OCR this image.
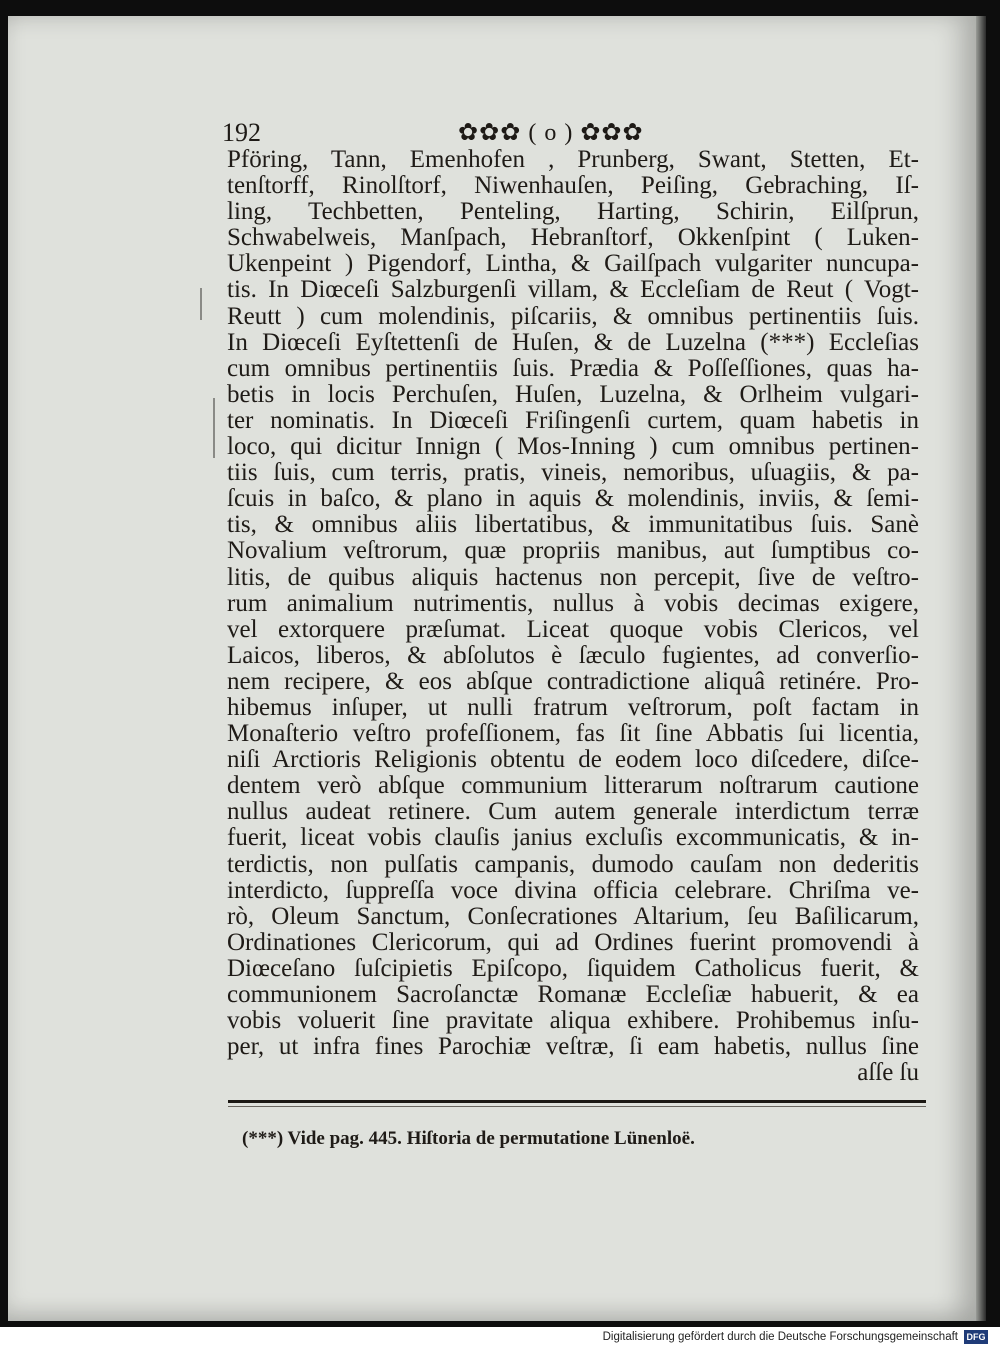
192	✿✿✿ ( o ) ✿✿✿
Pföring, Tann, Emenhofen , Prunberg, Swant, Stetten, Et-
tenſtorff, Rinolſtorf, Niwenhauſen, Peiſing, Gebraching, Iſ-
ling, Techbetten, Penteling, Harting, Schirin, Eilſprun,
Schwabelweis, Manſpach, Hebranſtorf, Okkenſpint ( Luken-
Ukenpeint ) Pigendorf, Lintha, & Gailſpach vulgariter nuncupa-
tis. In Diœceſi Salzburgenſi villam, & Eccleſiam de Reut ( Vogt-
Reutt ) cum molendinis, piſcariis, & omnibus pertinentiis ſuis.
In Diœceſi Eyſtettenſi de Huſen, & de Luzelna (***) Eccleſias
cum omnibus pertinentiis ſuis. Prædia & Poſſeſſiones, quas ha-
betis in locis Perchuſen, Huſen, Luzelna, & Orlheim vulgari-
ter nominatis. In Diœceſi Friſingenſi curtem, quam habetis in
loco, qui dicitur Innign ( Mos-Inning ) cum omnibus pertinen-
tiis ſuis, cum terris, pratis, vineis, nemoribus, uſuagiis, & pa-
ſcuis in baſco, & plano in aquis & molendinis, inviis, & ſemi-
tis, & omnibus aliis libertatibus, & immunitatibus ſuis. Sanè
Novalium veſtrorum, quæ propriis manibus, aut ſumptibus co-
litis, de quibus aliquis hactenus non percepit, ſive de veſtro-
rum animalium nutrimentis, nullus à vobis decimas exigere,
vel extorquere præſumat. Liceat quoque vobis Clericos, vel
Laicos, liberos, & abſolutos è ſæculo fugientes, ad converſio-
nem recipere, & eos abſque contradictione aliquâ retinére. Pro-
hibemus inſuper, ut nulli fratrum veſtrorum, poſt factam in
Monaſterio veſtro profeſſionem, fas ſit ſine Abbatis ſui licentia,
niſi Arctioris Religionis obtentu de eodem loco diſcedere, diſce-
dentem verò abſque communium litterarum noſtrarum cautione
nullus audeat retinere. Cum autem generale interdictum terræ
fuerit, liceat vobis clauſis janius excluſis excommunicatis, & in-
terdictis, non pulſatis campanis, dumodo cauſam non dederitis
interdicto, ſuppreſſa voce divina officia celebrare. Chriſma ve-
rò, Oleum Sanctum, Conſecrationes Altarium, ſeu Baſilicarum,
Ordinationes Clericorum, qui ad Ordines fuerint promovendi à
Diœceſano ſuſcipietis Epiſcopo, ſiquidem Catholicus fuerit, &
communionem Sacroſanctæ Romanæ Eccleſiæ habuerit, & ea
vobis voluerit ſine pravitate aliqua exhibere. Prohibemus inſu-
per, ut infra fines Parochiæ veſtræ, ſi eam habetis, nullus ſine
aſſe ſu
(***) Vide pag. 445. Hiſtoria de permutatione Lünenloë.
Digitalisierung gefördert durch die Deutsche Forschungsgemeinschaft DFG
